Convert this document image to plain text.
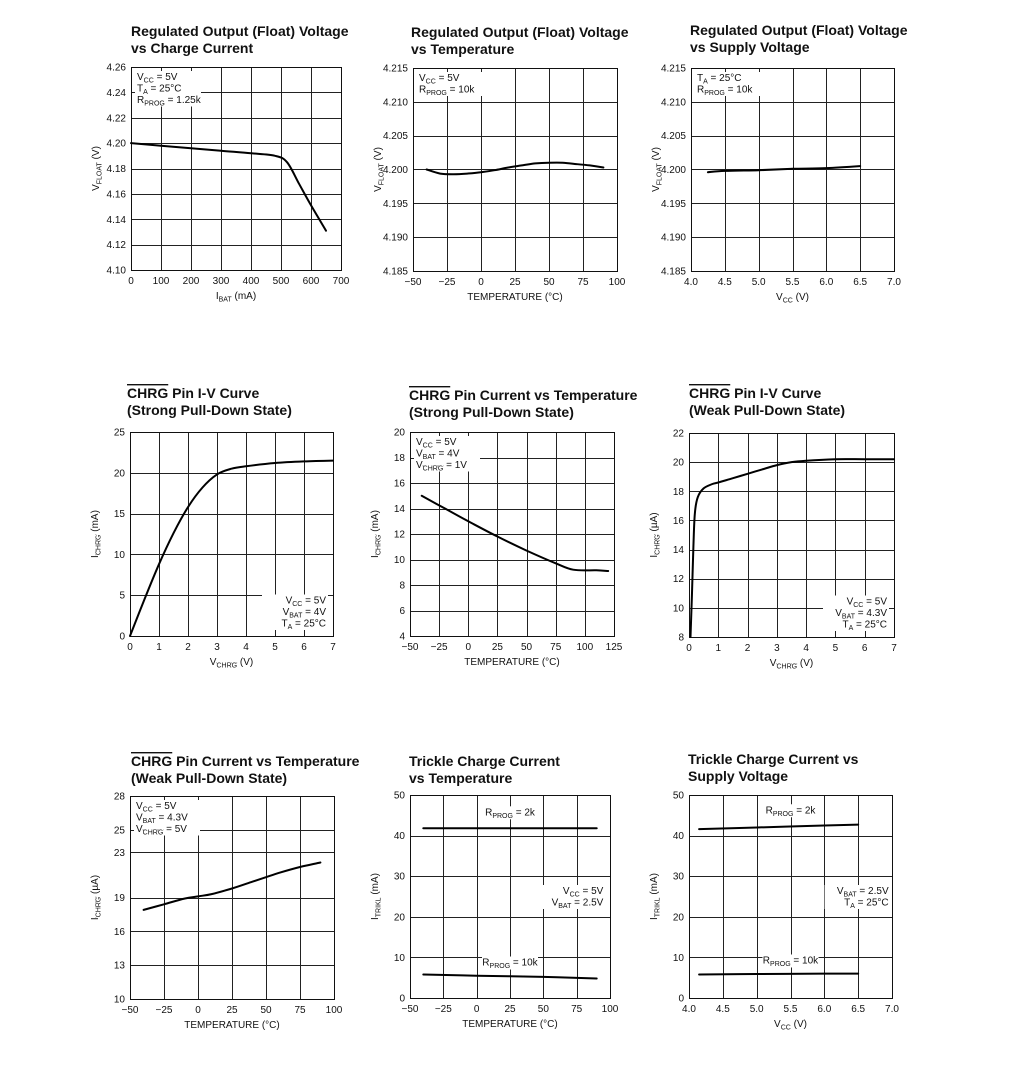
Regulated Output (Float) Voltage
vs Charge Current
0 100 200 300 400 500 600 700
4.10
4.12
4.14
4.16
4.18
4.20
4.22
4.24
4.26
$I_{BAT}$ (mA)
$V_{FLOAT}$ (V)
$V_{CC} = 5V$
$T_A = 25^\circ C$
$R_{PROG} = 1.25k$
Regulated Output (Float) Voltage
vs Temperature
−50 −25 0	25 50 75 100
4.185
4.190
4.195
4.200
4.205
4.210
4.215
TEMPERATURE (°C)
$V_{FLOAT}$ (V)
$V_{CC} = 5V$
$R_{PROG} = 10k$
Regulated Output (Float) Voltage
vs Supply Voltage
4.0 4.5 5.0 5.5 6.0 6.5 7.0
4.185
4.190
4.195
4.200
4.205
4.210
4.215
$V_{CC}$ (V)
$V_{FLOAT}$ (V)
$T_A = 25^\circ C$
$R_{PROG} = 10k$
CHRG Pin I-V Curve
(Strong Pull-Down State)
0 1 2 3 4 5 6 7
0
5
10
15
20
25
$V_{CHRG}$ (V)
$I_{CHRG}$ (mA)
$V_{CC} = 5V$
$V_{BAT} = 4V$
$T_A = 25^\circ C$
CHRG Pin Current vs Temperature
(Strong Pull-Down State)
−50 −25 0 25 50 75 100 125
4
6
8
10
12
14
16
18
20
TEMPERATURE (°C)
$I_{CHRG}$ (mA)
$V_{CC} = 5V$
$V_{BAT} = 4V$
$V_{CHRG} = 1V$
CHRG Pin I-V Curve
(Weak Pull-Down State)
0 1 2 3 4 5 6 7
8
10
12
14
16
18
20
22
$V_{CHRG}$ (V)
$I_{CHRG}$ (µA)
$V_{CC} = 5V$
$V_{BAT} = 4.3V$
$T_A = 25^\circ C$
CHRG Pin Current vs Temperature
(Weak Pull-Down State)
−50 −25 0	25 50 75 100
10
13
16
19
23
25
28
TEMPERATURE (°C)
$I_{CHRG}$ (µA)
$V_{CC} = 5V$
$V_{BAT} = 4.3V$
$V_{CHRG} = 5V$
Trickle Charge Current
vs Temperature
−50 −25 0 25 50 75 100
0
10
20
30
40
50
TEMPERATURE (°C)
$I_{TRIKL}$ (mA)	$V_{CC} = 5V$
$V_{BAT} = 2.5V$
$R_{PROG} = 2k$
$R_{PROG} = 10k$
Trickle Charge Current vs
Supply Voltage
4.0 4.5 5.0 5.5 6.0 6.5 7.0
0
10
20
30
40
50
$V_{CC}$ (V)
$I_{TRIKL}$ (mA)	$V_{BAT} = 2.5V$
$T_A = 25^\circ C$
$R_{PROG} = 2k$
$R_{PROG} = 10k$
